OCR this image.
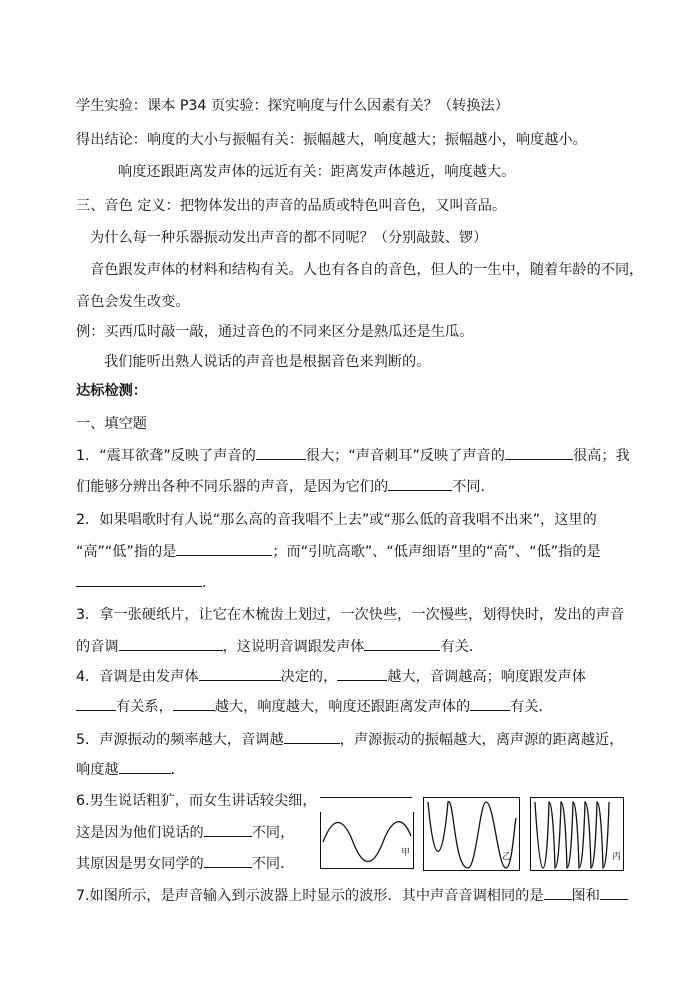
学生实验：课本 P34 页实验：探究响度与什么因素有关？（转换法）
得出结论：响度的大小与振幅有关：振幅越大，响度越大；振幅越小，响度越小。
响度还跟距离发声体的远近有关：距离发声体越近，响度越大。
三、音色 定义：把物体发出的声音的品质或特色叫音色，又叫音品。
为什么每一种乐器振动发出声音的都不同呢？（分别敲鼓、锣）
音色跟发声体的材料和结构有关。人也有各自的音色，但人的一生中，随着年龄的不同，
音色会发生改变。
例：买西瓜时敲一敲，通过音色的不同来区分是熟瓜还是生瓜。
我们能听出熟人说话的声音也是根据音色来判断的。
达标检测：
一、填空题
1．“震耳欲聋”反映了声音的	很大；“声音刺耳”反映了声音的	很高；我
们能够分辨出各种不同乐器的声音，是因为它们的	不同．
2．如果唱歌时有人说“那么高的音我唱不上去”或“那么低的音我唱不出来”，这里的
“高”“低”指的是	；而“引吭高歌”、“低声细语”里的“高”、“低”指的是
．
3．拿一张硬纸片，让它在木梳齿上划过，一次快些，一次慢些，划得快时，发出的声音
的音调	，这说明音调跟发声体	有关．
4．音调是由发声体	决定的，	越大，音调越高；响度跟发声体
有关系，	越大，响度越大，响度还跟距离发声体的	有关．
5．声源振动的频率越大，音调越	，声源振动的振幅越大，离声源的距离越近，
响度越	．
6.男生说话粗犷，而女生讲话较尖细，
这是因为他们说话的	不同，
其原因是男女同学的	不同．
7.如图所示，是声音输入到示波器上时显示的波形．其中声音音调相同的是 图和
甲	乙	丙
